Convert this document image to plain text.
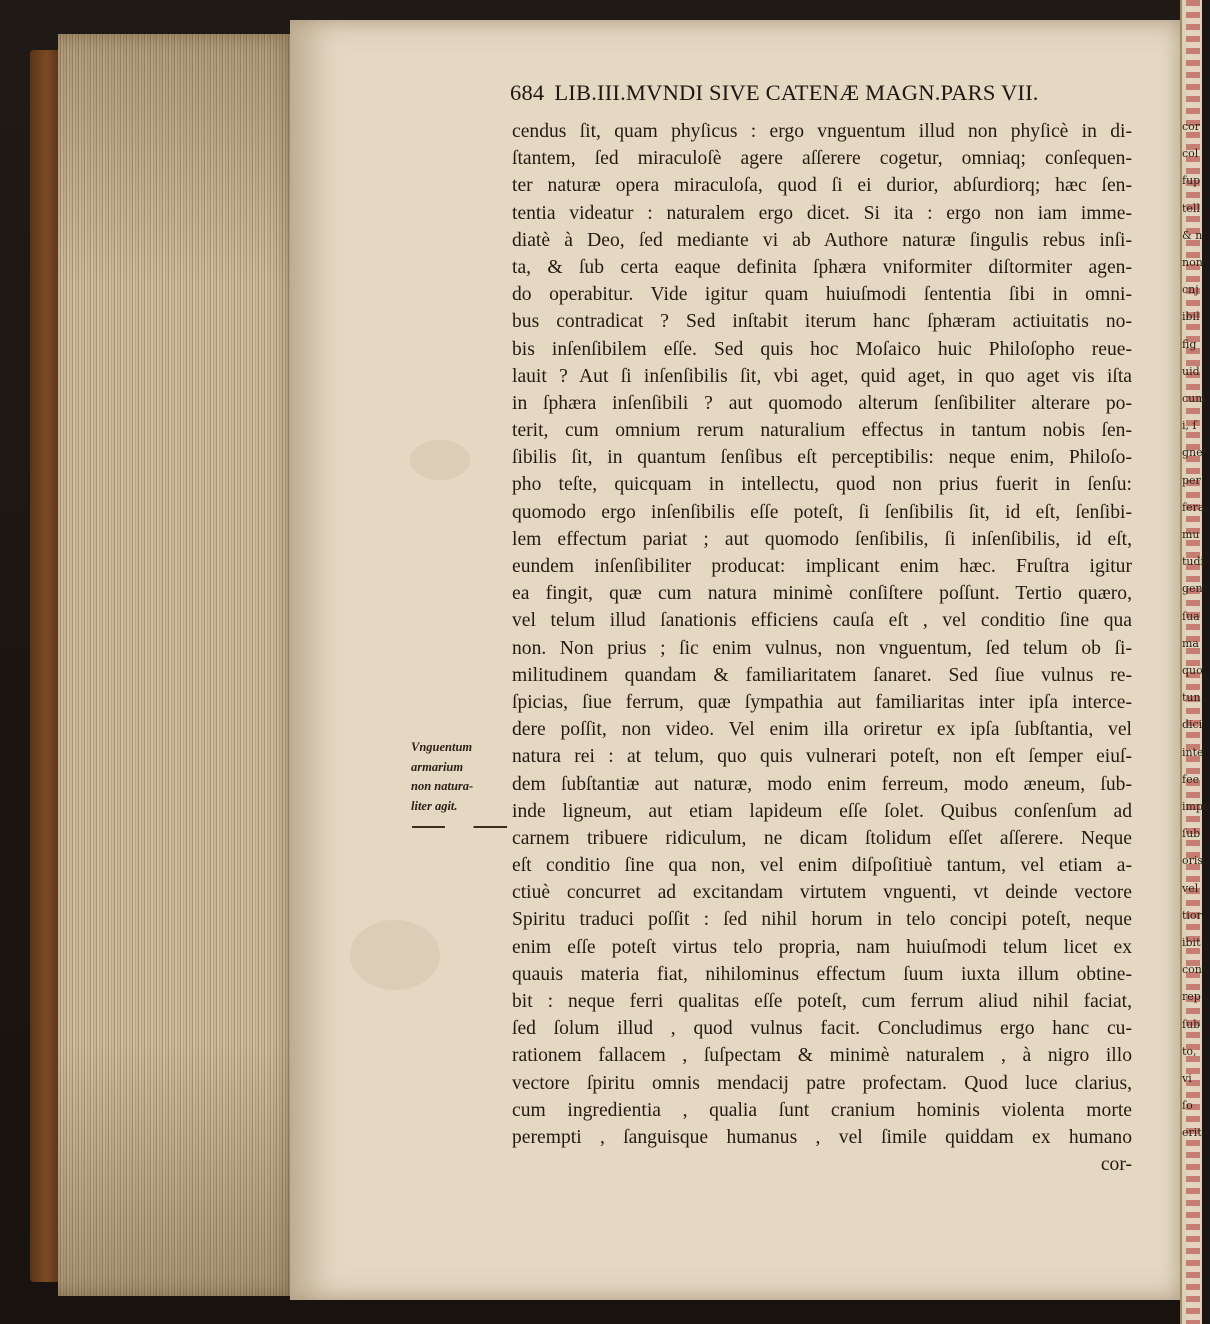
cor
col
fup
tell
& n
non
cnj
ibil
fig
uid
cum
i, ſ
gne
per
fera
mu
tudi
gen
ſua
ma
quo
tun
dici
inte
fee
impe
ſub
oris
vel
tior
ibit
con
rep
ſub
to,
vi
ſo
erit
684 LIB.III.MVNDI SIVE CATENÆ MAGN.PARS VII.
cendus ſit, quam phyſicus : ergo vnguentum illud non phyſicè in di-
ſtantem, ſed miraculoſè agere aſſerere cogetur, omniaq; conſequen-
ter naturæ opera miraculoſa, quod ſi ei durior, abſurdiorq; hæc ſen-
tentia videatur : naturalem ergo dicet. Si ita : ergo non iam imme-
diatè à Deo, ſed mediante vi ab Authore naturæ ſingulis rebus inſi-
ta, & ſub certa eaque definita ſphæra vniformiter diſtormiter agen-
do operabitur. Vide igitur quam huiuſmodi ſententia ſibi in omni-
bus contradicat ? Sed inſtabit iterum hanc ſphæram actiuitatis no-
bis inſenſibilem eſſe. Sed quis hoc Moſaico huic Philoſopho reue-
lauit ? Aut ſi inſenſibilis ſit, vbi aget, quid aget, in quo aget vis iſta
in ſphæra inſenſibili ? aut quomodo alterum ſenſibiliter alterare po-
terit, cum omnium rerum naturalium effectus in tantum nobis ſen-
ſibilis ſit, in quantum ſenſibus eſt perceptibilis: neque enim, Philoſo-
pho teſte, quicquam in intellectu, quod non prius fuerit in ſenſu:
quomodo ergo inſenſibilis eſſe poteſt, ſi ſenſibilis ſit, id eſt, ſenſibi-
lem effectum pariat ; aut quomodo ſenſibilis, ſi inſenſibilis, id eſt,
eundem inſenſibiliter producat: implicant enim hæc. Fruſtra igitur
ea fingit, quæ cum natura minimè conſiſtere poſſunt. Tertio quæro,
vel telum illud ſanationis efficiens cauſa eſt , vel conditio ſine qua
non. Non prius ; ſic enim vulnus, non vnguentum, ſed telum ob ſi-
militudinem quandam & familiaritatem ſanaret. Sed ſiue vulnus re-
ſpicias, ſiue ferrum, quæ ſympathia aut familiaritas inter ipſa interce-
dere poſſit, non video. Vel enim illa oriretur ex ipſa ſubſtantia, vel
natura rei : at telum, quo quis vulnerari poteſt, non eſt ſemper eiuſ-
dem ſubſtantiæ aut naturæ, modo enim ferreum, modo æneum, ſub-
inde ligneum, aut etiam lapideum eſſe ſolet. Quibus conſenſum ad
carnem tribuere ridiculum, ne dicam ſtolidum eſſet aſſerere. Neque
eſt conditio ſine qua non, vel enim diſpoſitiuè tantum, vel etiam a-
ctiuè concurret ad excitandam virtutem vnguenti, vt deinde vectore
Spiritu traduci poſſit : ſed nihil horum in telo concipi poteſt, neque
enim eſſe poteſt virtus telo propria, nam huiuſmodi telum licet ex
quauis materia fiat, nihilominus effectum ſuum iuxta illum obtine-
bit : neque ferri qualitas eſſe poteſt, cum ferrum aliud nihil faciat,
ſed ſolum illud , quod vulnus facit. Concludimus ergo hanc cu-
rationem fallacem , ſuſpectam & minimè naturalem , à nigro illo
vectore ſpiritu omnis mendacij patre profectam. Quod luce clarius,
cum ingredientia , qualia ſunt cranium hominis violenta morte
perempti , ſanguisque humanus , vel ſimile quiddam ex humano
cor-
Vnguentum
armarium
non natura-
liter agit.
